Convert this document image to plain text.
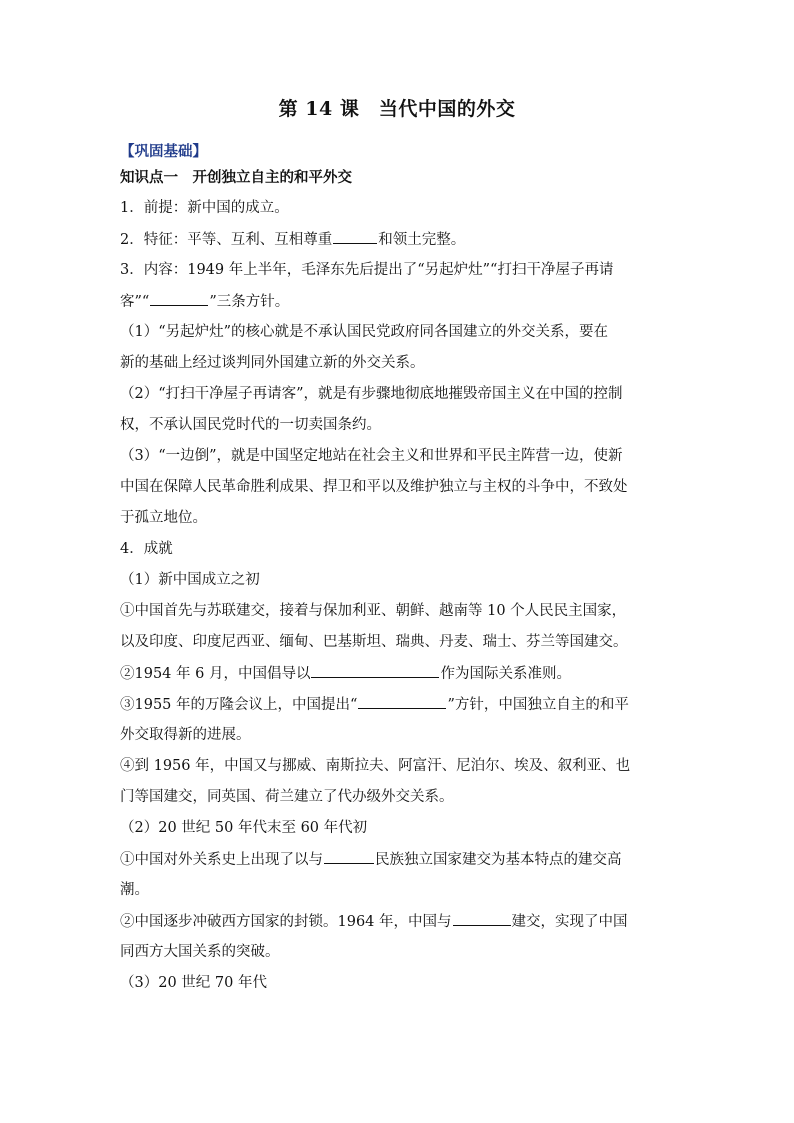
第 14 课　当代中国的外交
【巩固基础】
知识点一　开创独立自主的和平外交
1．前提：新中国的成立。
2．特征：平等、互利、互相尊重	和领土完整。
3．内容：1949 年上半年，毛泽东先后提出了“另起炉灶”“打扫干净屋子再请
客”“	”三条方针。
（1）“另起炉灶”的核心就是不承认国民党政府同各国建立的外交关系，要在
新的基础上经过谈判同外国建立新的外交关系。
（2）“打扫干净屋子再请客”，就是有步骤地彻底地摧毁帝国主义在中国的控制
权，不承认国民党时代的一切卖国条约。
（3）“一边倒”，就是中国坚定地站在社会主义和世界和平民主阵营一边，使新
中国在保障人民革命胜利成果、捍卫和平以及维护独立与主权的斗争中，不致处
于孤立地位。
4．成就
（1）新中国成立之初
①中国首先与苏联建交，接着与保加利亚、朝鲜、越南等 10 个人民民主国家，
以及印度、印度尼西亚、缅甸、巴基斯坦、瑞典、丹麦、瑞士、芬兰等国建交。
②1954 年 6 月，中国倡导以	作为国际关系准则。
③1955 年的万隆会议上，中国提出“	”方针，中国独立自主的和平
外交取得新的进展。
④到 1956 年，中国又与挪威、南斯拉夫、阿富汗、尼泊尔、埃及、叙利亚、也
门等国建交，同英国、荷兰建立了代办级外交关系。
（2）20 世纪 50 年代末至 60 年代初
①中国对外关系史上出现了以与	民族独立国家建交为基本特点的建交高
潮。
②中国逐步冲破西方国家的封锁。1964 年，中国与	建交，实现了中国
同西方大国关系的突破。
（3）20 世纪 70 年代
